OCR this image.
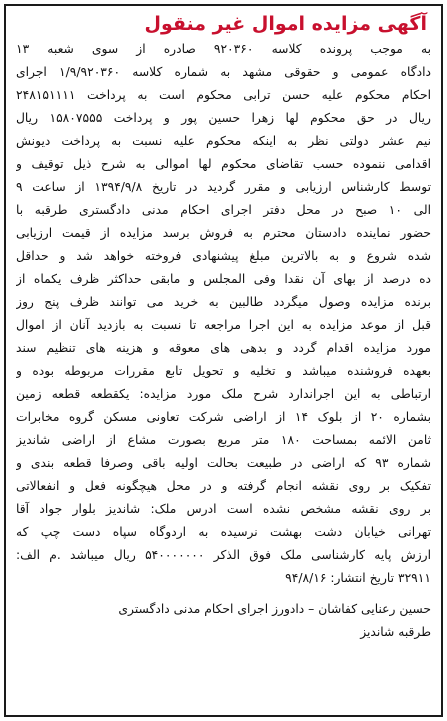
آگهی مزایده اموال غیر منقول
به موجب پرونده کلاسه ۹۲۰۳۶۰ صادره از سوی شعبه ۱۳
دادگاه عمومی و حقوقی مشهد به شماره کلاسه ۱/۹/۹۲۰۳۶۰ اجرای
احکام محکوم علیه حسن ترابی محکوم است به پرداخت ۲۴۸۱۵۱۱۱۱
ریال در حق محکوم لها زهرا حسین پور و پرداخت ۱۵۸۰۷۵۵۵ ریال
نیم عشر دولتی نظر به اینکه محکوم علیه نسبت به پرداخت دیونش
اقدامی ننموده حسب تقاضای محکوم لها اموالی به شرح ذیل توقیف و
توسط کارشناس ارزیابی و مقرر گردید در تاریخ ۱۳۹۴/۹/۸ از ساعت ۹
الی ۱۰ صبح در محل دفتر اجرای احکام مدنی دادگستری طرقبه با
حضور نماینده دادستان محترم به فروش برسد مزایده از قیمت ارزیابی
شده شروع و به بالاترین مبلغ پیشنهادی فروخته خواهد شد و حداقل
ده درصد از بهای آن نقدا وفی المجلس و مابقی حداکثر ظرف یکماه از
برنده مزایده وصول میگردد طالبین به خرید می توانند ظرف پنج روز
قبل از موعد مزایده به این اجرا مراجعه تا نسبت به بازدید آنان از اموال
مورد مزایده اقدام گردد و بدهی های معوقه و هزینه های تنظیم سند
بعهده فروشنده میباشد و تخلیه و تحویل تابع مقررات مربوطه بوده و
ارتباطی به این اجراندارد شرح ملک مورد مزایده: یکقطعه قطعه زمین
بشماره ۲۰ از بلوک ۱۴ از اراضی شرکت تعاونی مسکن گروه مخابرات
ثامن الائمه بمساحت ۱۸۰ متر مربع بصورت مشاع از اراضی شاندیز
شماره ۹۳ که اراضی در طبیعت بحالت اولیه باقی وصرفا قطعه بندی و
تفکیک بر روی نقشه انجام گرفته و در محل هیچگونه فعل و انفعالاتی
بر روی نقشه مشخص نشده است ادرس ملک: شاندیز بلوار جواد آقا
تهرانی خیابان دشت بهشت نرسیده به اردوگاه سپاه دست چپ که
ارزش پایه کارشناسی ملک فوق الذکر ۵۴۰۰۰۰۰۰۰ ریال میباشد .م الف:
۳۲۹۱۱ تاریخ انتشار: ۹۴/۸/۱۶
حسین رعنایی کفاشان – دادورز اجرای احکام مدنی دادگستری
طرقبه شاندیز
